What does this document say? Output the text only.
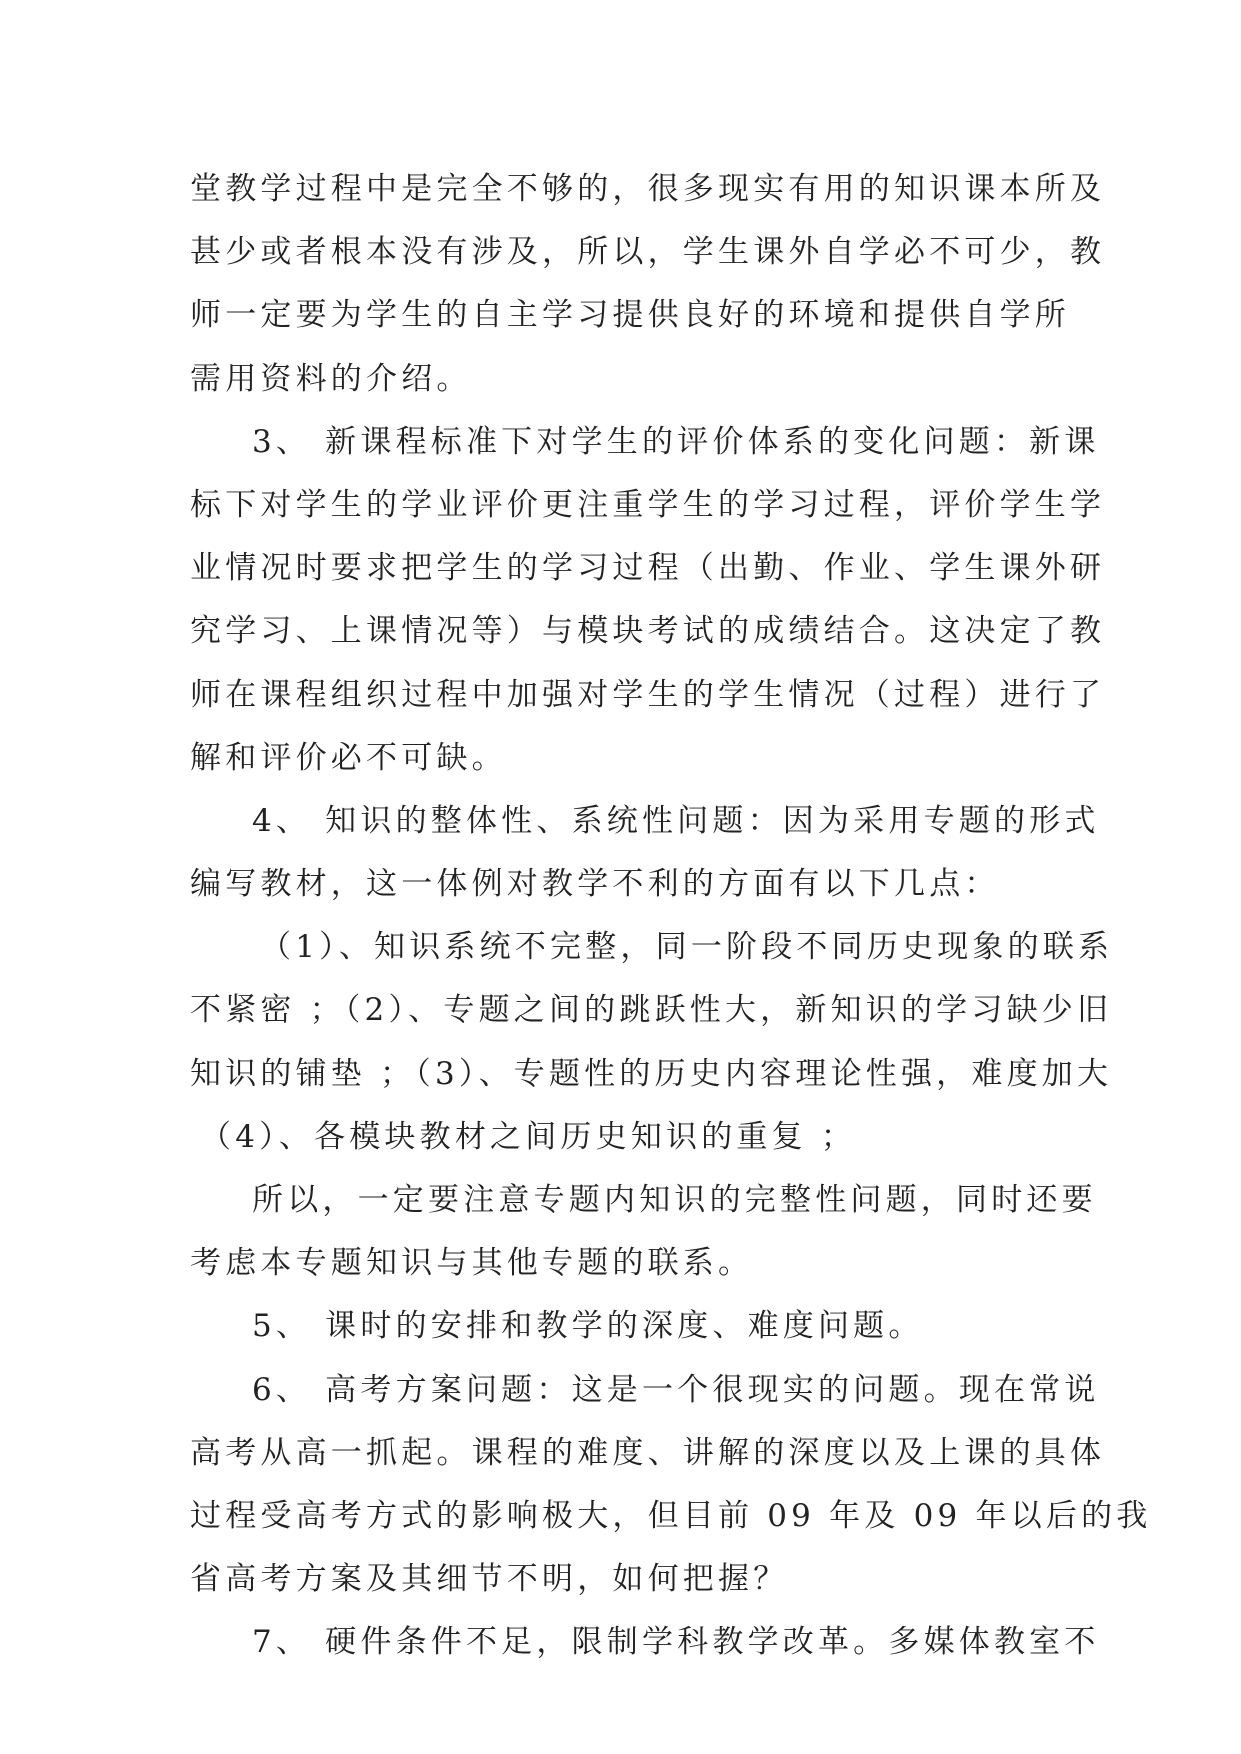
堂教学过程中是完全不够的，很多现实有用的知识课本所及
甚少或者根本没有涉及，所以，学生课外自学必不可少，教
师一定要为学生的自主学习提供良好的环境和提供自学所
需用资料的介绍。
3、 新课程标准下对学生的评价体系的变化问题：新课
标下对学生的学业评价更注重学生的学习过程，评价学生学
业情况时要求把学生的学习过程（出勤、作业、学生课外研
究学习、上课情况等）与模块考试的成绩结合。这决定了教
师在课程组织过程中加强对学生的学生情况（过程）进行了
解和评价必不可缺。
4、 知识的整体性、系统性问题：因为采用专题的形式
编写教材，这一体例对教学不利的方面有以下几点：
（1）、知识系统不完整，同一阶段不同历史现象的联系
不紧密 ；（2）、专题之间的跳跃性大，新知识的学习缺少旧
知识的铺垫 ；（3）、专题性的历史内容理论性强，难度加大
（4）、各模块教材之间历史知识的重复 ；
所以，一定要注意专题内知识的完整性问题，同时还要
考虑本专题知识与其他专题的联系。
5、 课时的安排和教学的深度、难度问题。
6、 高考方案问题：这是一个很现实的问题。现在常说
高考从高一抓起。课程的难度、讲解的深度以及上课的具体
过程受高考方式的影响极大，但目前 09 年及 09 年以后的我
省高考方案及其细节不明，如何把握？
7、 硬件条件不足，限制学科教学改革。多媒体教室不
